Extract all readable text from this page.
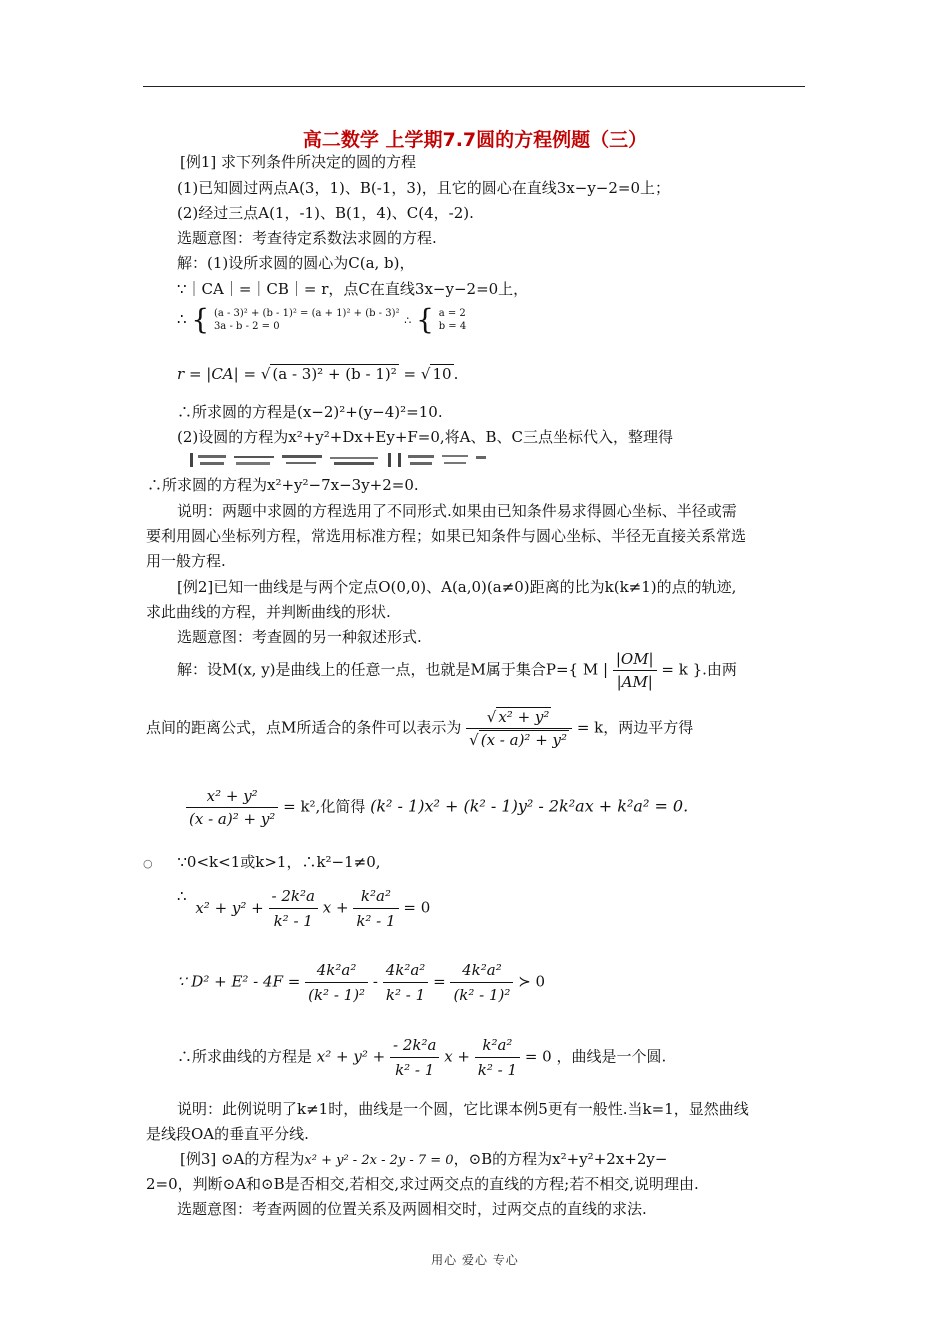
高二数学 上学期7.7圆的方程例题（三）
[例1] 求下列条件所决定的圆的方程
(1)已知圆过两点A(3，1)、B(-1，3)，且它的圆心在直线3x−y−2=0上；
(2)经过三点A(1，-1)、B(1，4)、C(4，-2).
选题意图：考查待定系数法求圆的方程.
解：(1)设所求圆的圆心为C(a, b)，
∵｜CA｜=｜CB｜= r，点C在直线3x−y−2=0上，
∴ { (a - 3)² + (b - 1)² = (a + 1)² + (b - 3)²
3a - b - 2 = 0	∴ { a = 2
b = 4
r = |CA| = √ (a - 3)² + (b - 1)² = √ 10 .
∴所求圆的方程是(x−2)²+(y−4)²=10.
(2)设圆的方程为x²+y²+Dx+Ey+F=0,将A、B、C三点坐标代入，整理得
∴所求圆的方程为x²+y²−7x−3y+2=0.
说明：两题中求圆的方程选用了不同形式.如果由已知条件易求得圆心坐标、半径或需
要利用圆心坐标列方程，常选用标准方程；如果已知条件与圆心坐标、半径无直接关系常选
用一般方程.
[例2]已知一曲线是与两个定点O(0,0)、A(a,0)(a≠0)距离的比为k(k≠1)的点的轨迹,
求此曲线的方程，并判断曲线的形状.
选题意图：考查圆的另一种叙述形式.
解：设M(x, y)是曲线上的任意一点，也就是M属于集合P={ M | $\frac{|OM|}{|AM|} = k$ }.由两
点间的距离公式，点M所适合的条件可以表示为 $\frac{\text{√ x² + y²}}{\text{√ (x - a)² + y²}} = k$，两边平方得
$\frac{\text{x² + y²}}{\text{(x - a)² + y²}} = k^2$,化简得 (k² - 1)x² + (k² - 1)y² - 2k²ax + k²a² = 0.
○ ∵0<k<1或k>1，∴k²−1≠0,
∴ $x^2 + y^2 + \frac{\text{- 2k²a}}{\text{k² - 1}}$ $x + \frac{\text{k²a²}}{\text{k² - 1}} = 0$
∵ $D^2 + E^2 - 4F = \frac{\text{4k²a²}}{\text{(k² - 1)²}} - \frac{\text{4k²a²}}{\text{k² - 1}} = \frac{\text{4k²a²}}{\text{(k² - 1)²}}$ ≻ 0
∴所求曲线的方程是 $x^2 + y^2 + \frac{\text{- 2k²a}}{\text{k² - 1}}$ $x + \frac{\text{k²a²}}{\text{k² - 1}} = 0$ ，曲线是一个圆.
说明：此例说明了k≠1时，曲线是一个圆，它比课本例5更有一般性.当k=1，显然曲线
是线段OA的垂直平分线.
[例3] ⊙A的方程为x² + y² - 2x - 2y - 7 = 0，⊙B的方程为x²+y²+2x+2y−
2=0，判断⊙A和⊙B是否相交,若相交,求过两交点的直线的方程;若不相交,说明理由.
选题意图：考查两圆的位置关系及两圆相交时，过两交点的直线的求法.
用心 爱心 专心
